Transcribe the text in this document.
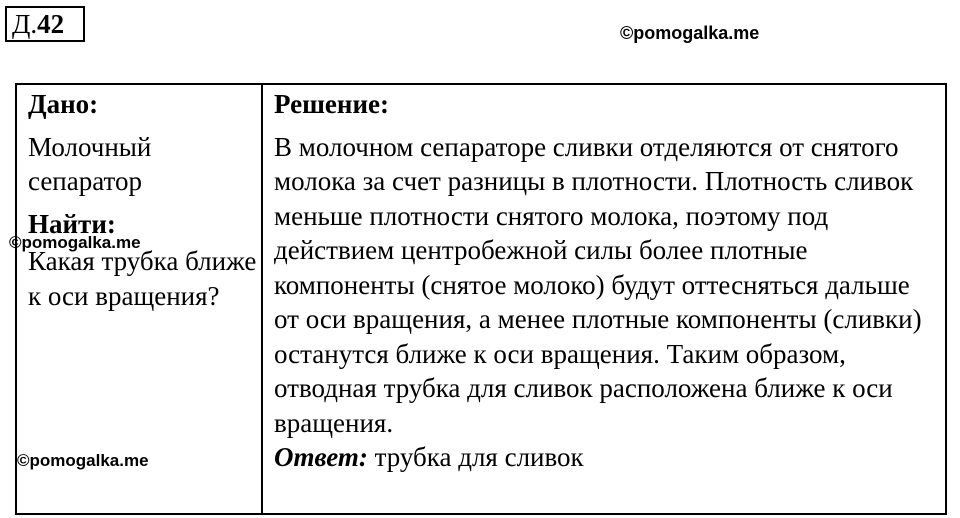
Д.42	©pomogalka.me
Дано:
Молочный сепаратор
Найти:
Какая трубка ближе к оси вращения?

Решение:
В молочном сепараторе сливки отделяются от снятого молока за счет разницы в плотности. Плотность сливок меньше плотности снятого молока, поэтому под действием центробежной силы более плотные компоненты (снятое молоко) будут оттесняться дальше от оси вращения, а менее плотные компоненты (сливки) останутся ближе к оси вращения. Таким образом, отводная трубка для сливок расположена ближе к оси вращения.
Ответ: трубка для сливок
©pomogalka.me
©pomogalka.me
